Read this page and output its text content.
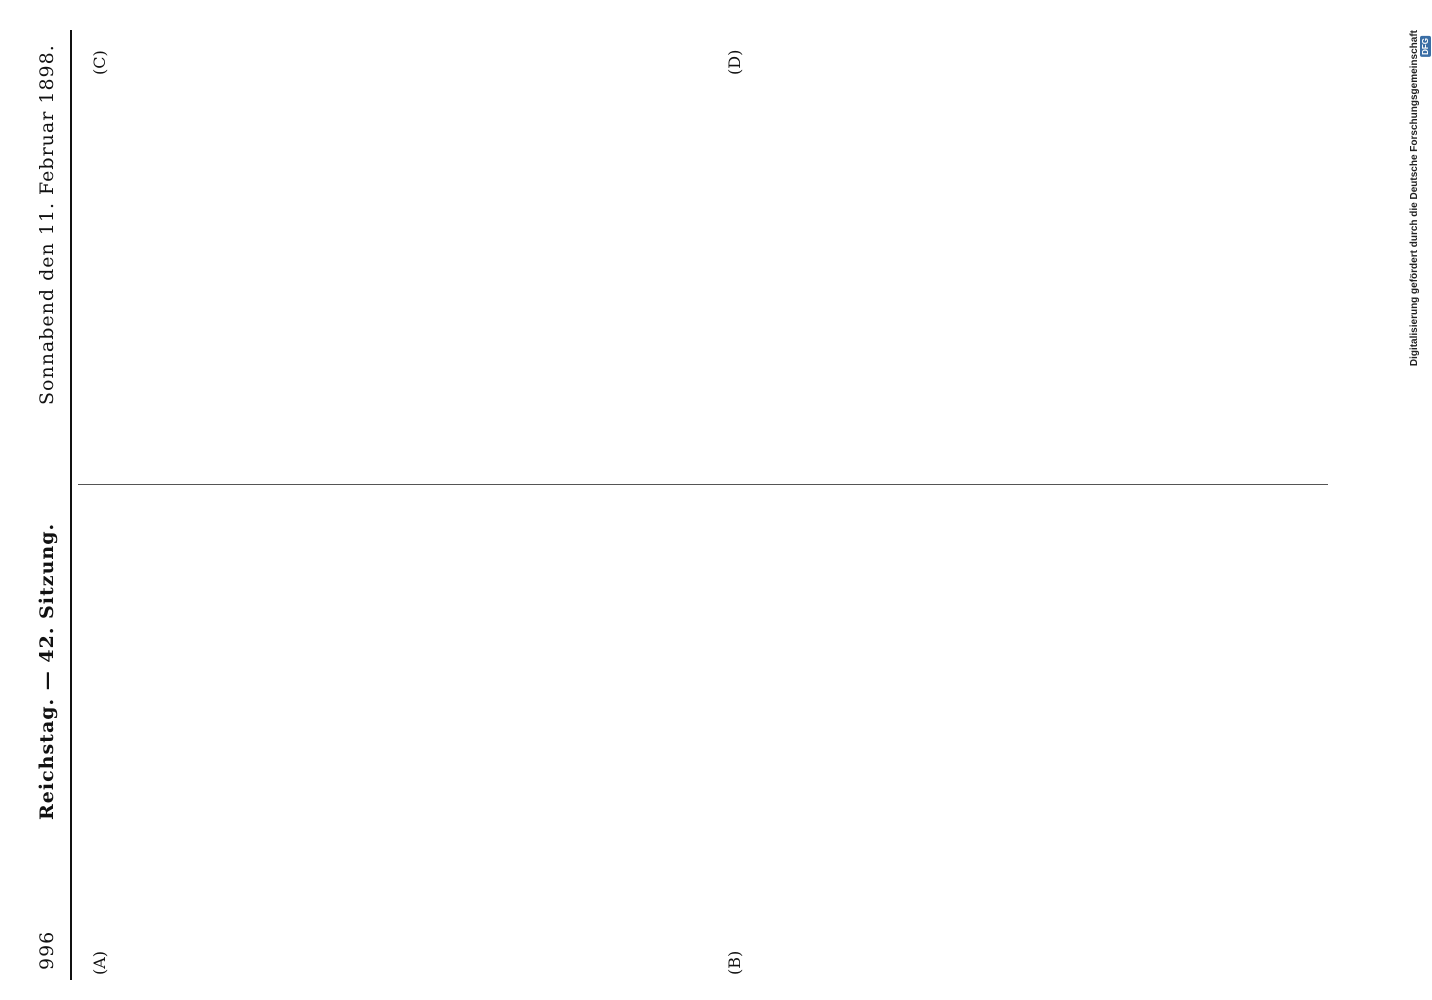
996
Reichstag. — 42. Sitzung.
Sonnabend den 11. Februar 1898.
(A)	(B)
(C)	(D)	Digitalisierung gefördert durch die Deutsche Forschungsgemeinschaft DFG
